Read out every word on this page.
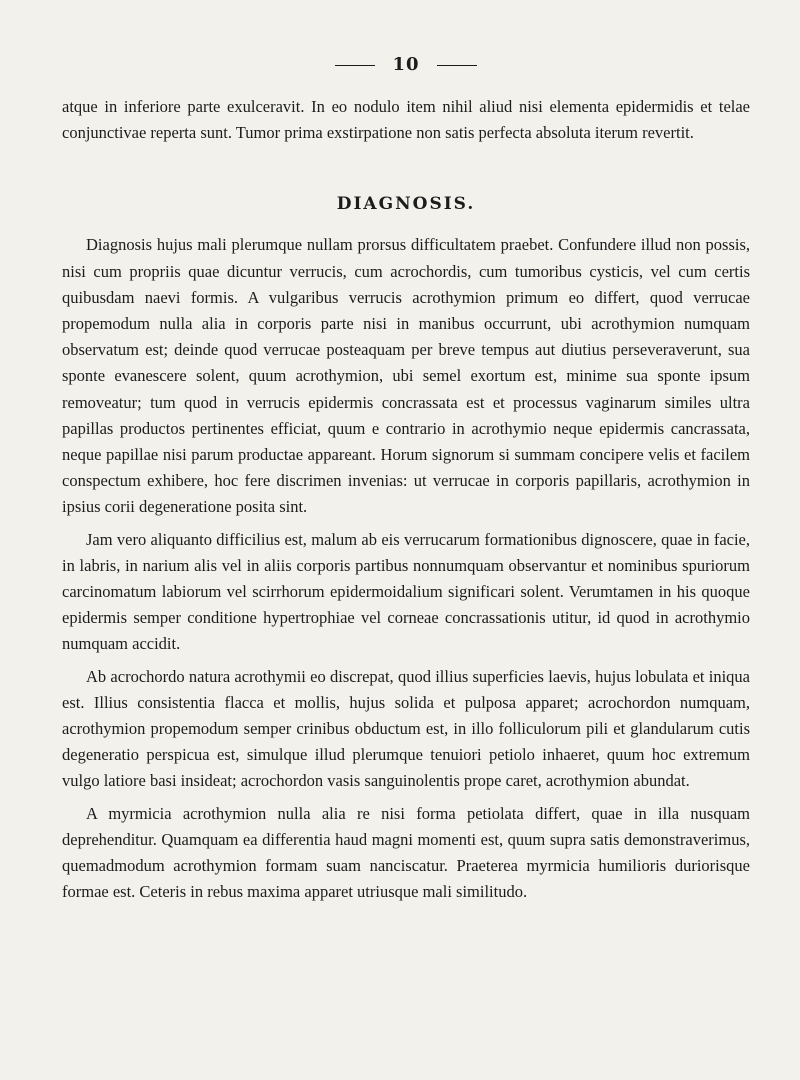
10

atque in inferiore parte exulceravit. In eo nodulo item nihil aliud nisi elementa epidermidis et telae conjunctivae reperta sunt. Tumor prima exstirpatione non satis perfecta absoluta iterum revertit.

DIAGNOSIS.

Diagnosis hujus mali plerumque nullam prorsus difficultatem praebet. Confundere illud non possis, nisi cum propriis quae dicuntur verrucis, cum acrochordis, cum tumoribus cysticis, vel cum certis quibusdam naevi formis. A vulgaribus verrucis acrothymion primum eo differt, quod verrucae propemodum nulla alia in corporis parte nisi in manibus occurrunt, ubi acrothymion numquam observatum est; deinde quod verrucae posteaquam per breve tempus aut diutius perseveraverunt, sua sponte evanescere solent, quum acrothymion, ubi semel exortum est, minime sua sponte ipsum removeatur; tum quod in verrucis epidermis concrassata est et processus vaginarum similes ultra papillas productos pertinentes efficiat, quum e contrario in acrothymio neque epidermis cancrassata, neque papillae nisi parum productae appareant. Horum signorum si summam concipere velis et facilem conspectum exhibere, hoc fere discrimen invenias: ut verrucae in corporis papillaris, acrothymion in ipsius corii degeneratione posita sint.

Jam vero aliquanto difficilius est, malum ab eis verrucarum formationibus dignoscere, quae in facie, in labris, in narium alis vel in aliis corporis partibus nonnumquam observantur et nominibus spuriorum carcinomatum labiorum vel scirrhorum epidermoidalium significari solent. Verumtamen in his quoque epidermis semper conditione hypertrophiae vel corneae concrassationis utitur, id quod in acrothymio numquam accidit.

Ab acrochordo natura acrothymii eo discrepat, quod illius superficies laevis, hujus lobulata et iniqua est. Illius consistentia flacca et mollis, hujus solida et pulposa apparet; acrochordon numquam, acrothymion propemodum semper crinibus obductum est, in illo folliculorum pili et glandularum cutis degeneratio perspicua est, simulque illud plerumque tenuiori petiolo inhaeret, quum hoc extremum vulgo latiore basi insideat; acrochordon vasis sanguinolentis prope caret, acrothymion abundat.

A myrmicia acrothymion nulla alia re nisi forma petiolata differt, quae in illa nusquam deprehenditur. Quamquam ea differentia haud magni momenti est, quum supra satis demonstraverimus, quemadmodum acrothymion formam suam nanciscatur. Praeterea myrmicia humilioris duriorisque formae est. Ceteris in rebus maxima apparet utriusque mali similitudo.
